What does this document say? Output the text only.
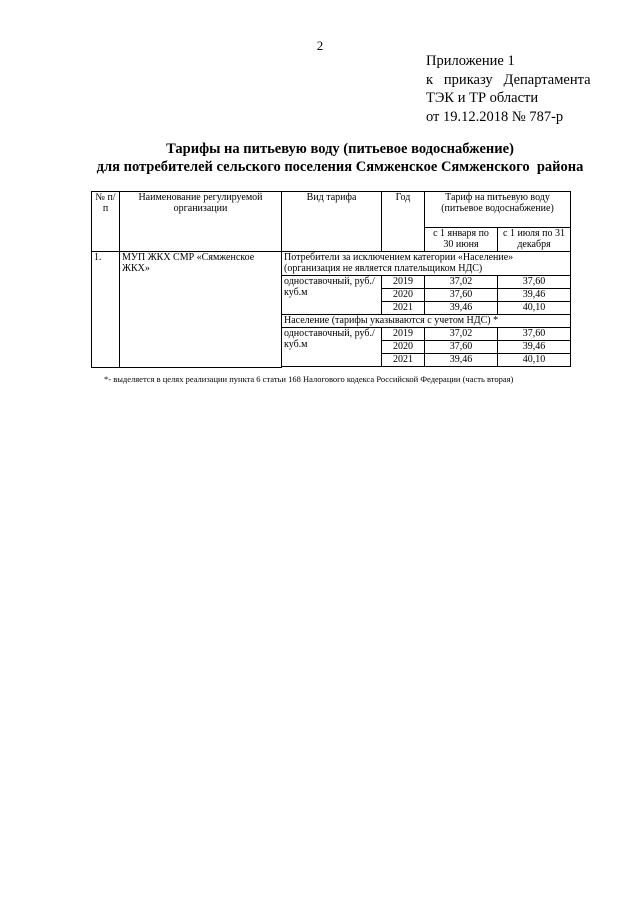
2
Приложение 1
к   приказу   Департамента
ТЭК и ТР области
от 19.12.2018 № 787-р
Тарифы на питьевую воду (питьевое водоснабжение)
для потребителей сельского поселения Сямженское Сямженского  района
№ п/п	Наименование регулируемой организации	Вид тарифа	Год	Тариф на питьевую воду (питьевое водоснабжение)	
				с 1 января по 30 июня	с 1 июля по 31 декабря
1.	МУП ЖКХ СМР «Сямженское ЖКХ»	Потребители за исключением категории «Население» (организация не является плательщиком НДС)			
		одноставочный, руб./куб.м	2019	37,02	37,60
			2020	37,60	39,46
			2021	39,46	40,10
		Население (тарифы указываются с учетом НДС) *			
		одноставочный, руб./куб.м	2019	37,02	37,60
			2020	37,60	39,46
			2021	39,46	40,10

*- выделяется в целях реализации пункта 6 статьи 168 Налогового кодекса Российской Федерации (часть вторая)
